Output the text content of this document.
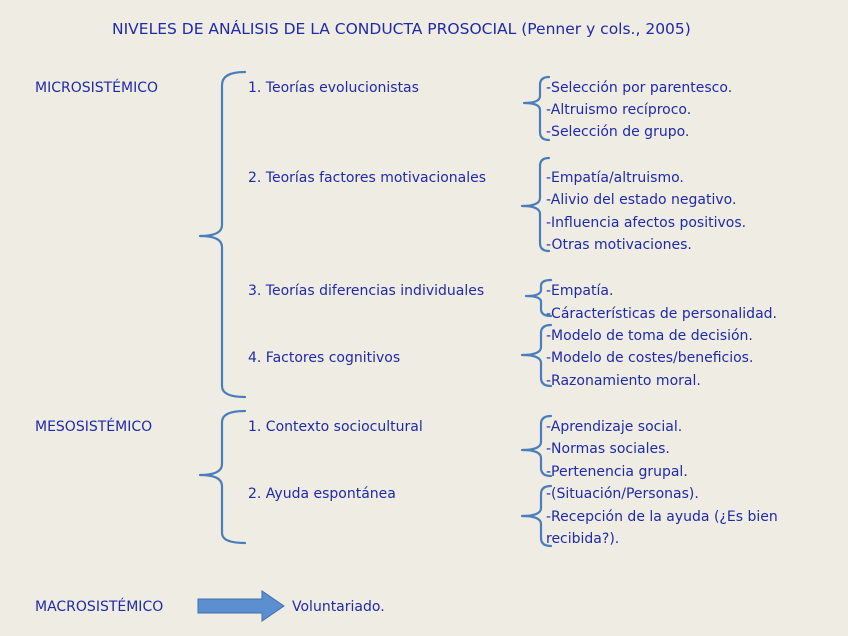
NIVELES DE ANÁLISIS DE LA CONDUCTA PROSOCIAL (Penner y cols., 2005)
MICROSISTÉMICO
MESOSISTÉMICO
MACROSISTÉMICO
1. Teorías evolucionistas
2. Teorías factores motivacionales
3. Teorías diferencias individuales
4. Factores cognitivos
-Selección por parentesco.
-Altruismo recíproco.
-Selección de grupo.
-Empatía/altruismo.
-Alivio del estado negativo.
-Influencia afectos positivos.
-Otras motivaciones.
-Empatía.
-Cáracterísticas de personalidad.
-Modelo de toma de decisión.
-Modelo de costes/beneficios.
-Razonamiento moral.
1. Contexto sociocultural
2. Ayuda espontánea
-Aprendizaje social.
-Normas sociales.
-Pertenencia grupal.
-(Situación/Personas).
-Recepción de la ayuda (¿Es bien
recibida?).
Voluntariado.
